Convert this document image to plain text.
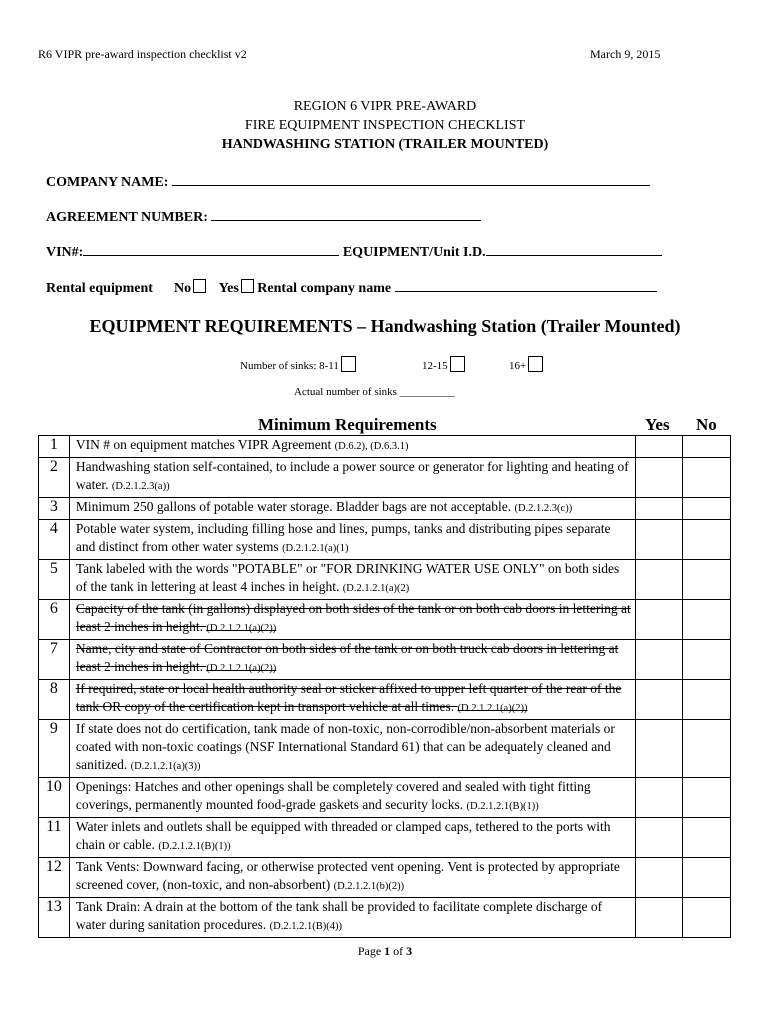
R6 VIPR pre-award inspection checklist v2	March 9, 2015
REGION 6 VIPR PRE-AWARD
FIRE EQUIPMENT INSPECTION CHECKLIST
HANDWASHING STATION (TRAILER MOUNTED)
COMPANY NAME:
AGREEMENT NUMBER:
VIN#:	EQUIPMENT/Unit I.D.
Rental equipment No Yes Rental company name
EQUIPMENT REQUIREMENTS – Handwashing Station (Trailer Mounted)
Number of sinks: 8-11	12-15	16+
Actual number of sinks __________
Minimum Requirements	Yes No
1	VIN # on equipment matches VIPR Agreement (D.6.2), (D.6.3.1)		
2	Handwashing station self-contained, to include a power source or generator for lighting and heating of water. (D.2.1.2.3(a))		
3	Minimum 250 gallons of potable water storage. Bladder bags are not acceptable. (D.2.1.2.3(c))		
4	Potable water system, including filling hose and lines, pumps, tanks and distributing pipes separate and distinct from other water systems (D.2.1.2.1(a)(1)		
5	Tank labeled with the words "POTABLE" or "FOR DRINKING WATER USE ONLY" on both sides of the tank in lettering at least 4 inches in height. (D.2.1.2.1(a)(2)		
6	Capacity of the tank (in gallons) displayed on both sides of the tank or on both cab doors in lettering at least 2 inches in height. (D.2.1.2.1(a)(2))		
7	Name, city and state of Contractor on both sides of the tank or on both truck cab doors in lettering at least 2 inches in height. (D.2.1.2.1(a)(2))		
8	If required, state or local health authority seal or sticker affixed to upper left quarter of the rear of the tank OR copy of the certification kept in transport vehicle at all times. (D.2.1.2.1(a)(2))		
9	If state does not do certification, tank made of non-toxic, non-corrodible/non-absorbent materials or coated with non-toxic coatings (NSF International Standard 61) that can be adequately cleaned and sanitized. (D.2.1.2.1(a)(3))		
10	Openings: Hatches and other openings shall be completely covered and sealed with tight fitting coverings, permanently mounted food-grade gaskets and security locks. (D.2.1.2.1(B)(1))		
11	Water inlets and outlets shall be equipped with threaded or clamped caps, tethered to the ports with chain or cable. (D.2.1.2.1(B)(1))		
12	Tank Vents: Downward facing, or otherwise protected vent opening. Vent is protected by appropriate screened cover, (non-toxic, and non-absorbent) (D.2.1.2.1(b)(2))		
13	Tank Drain: A drain at the bottom of the tank shall be provided to facilitate complete discharge of water during sanitation procedures. (D.2.1.2.1(B)(4))		
Page 1 of 3
